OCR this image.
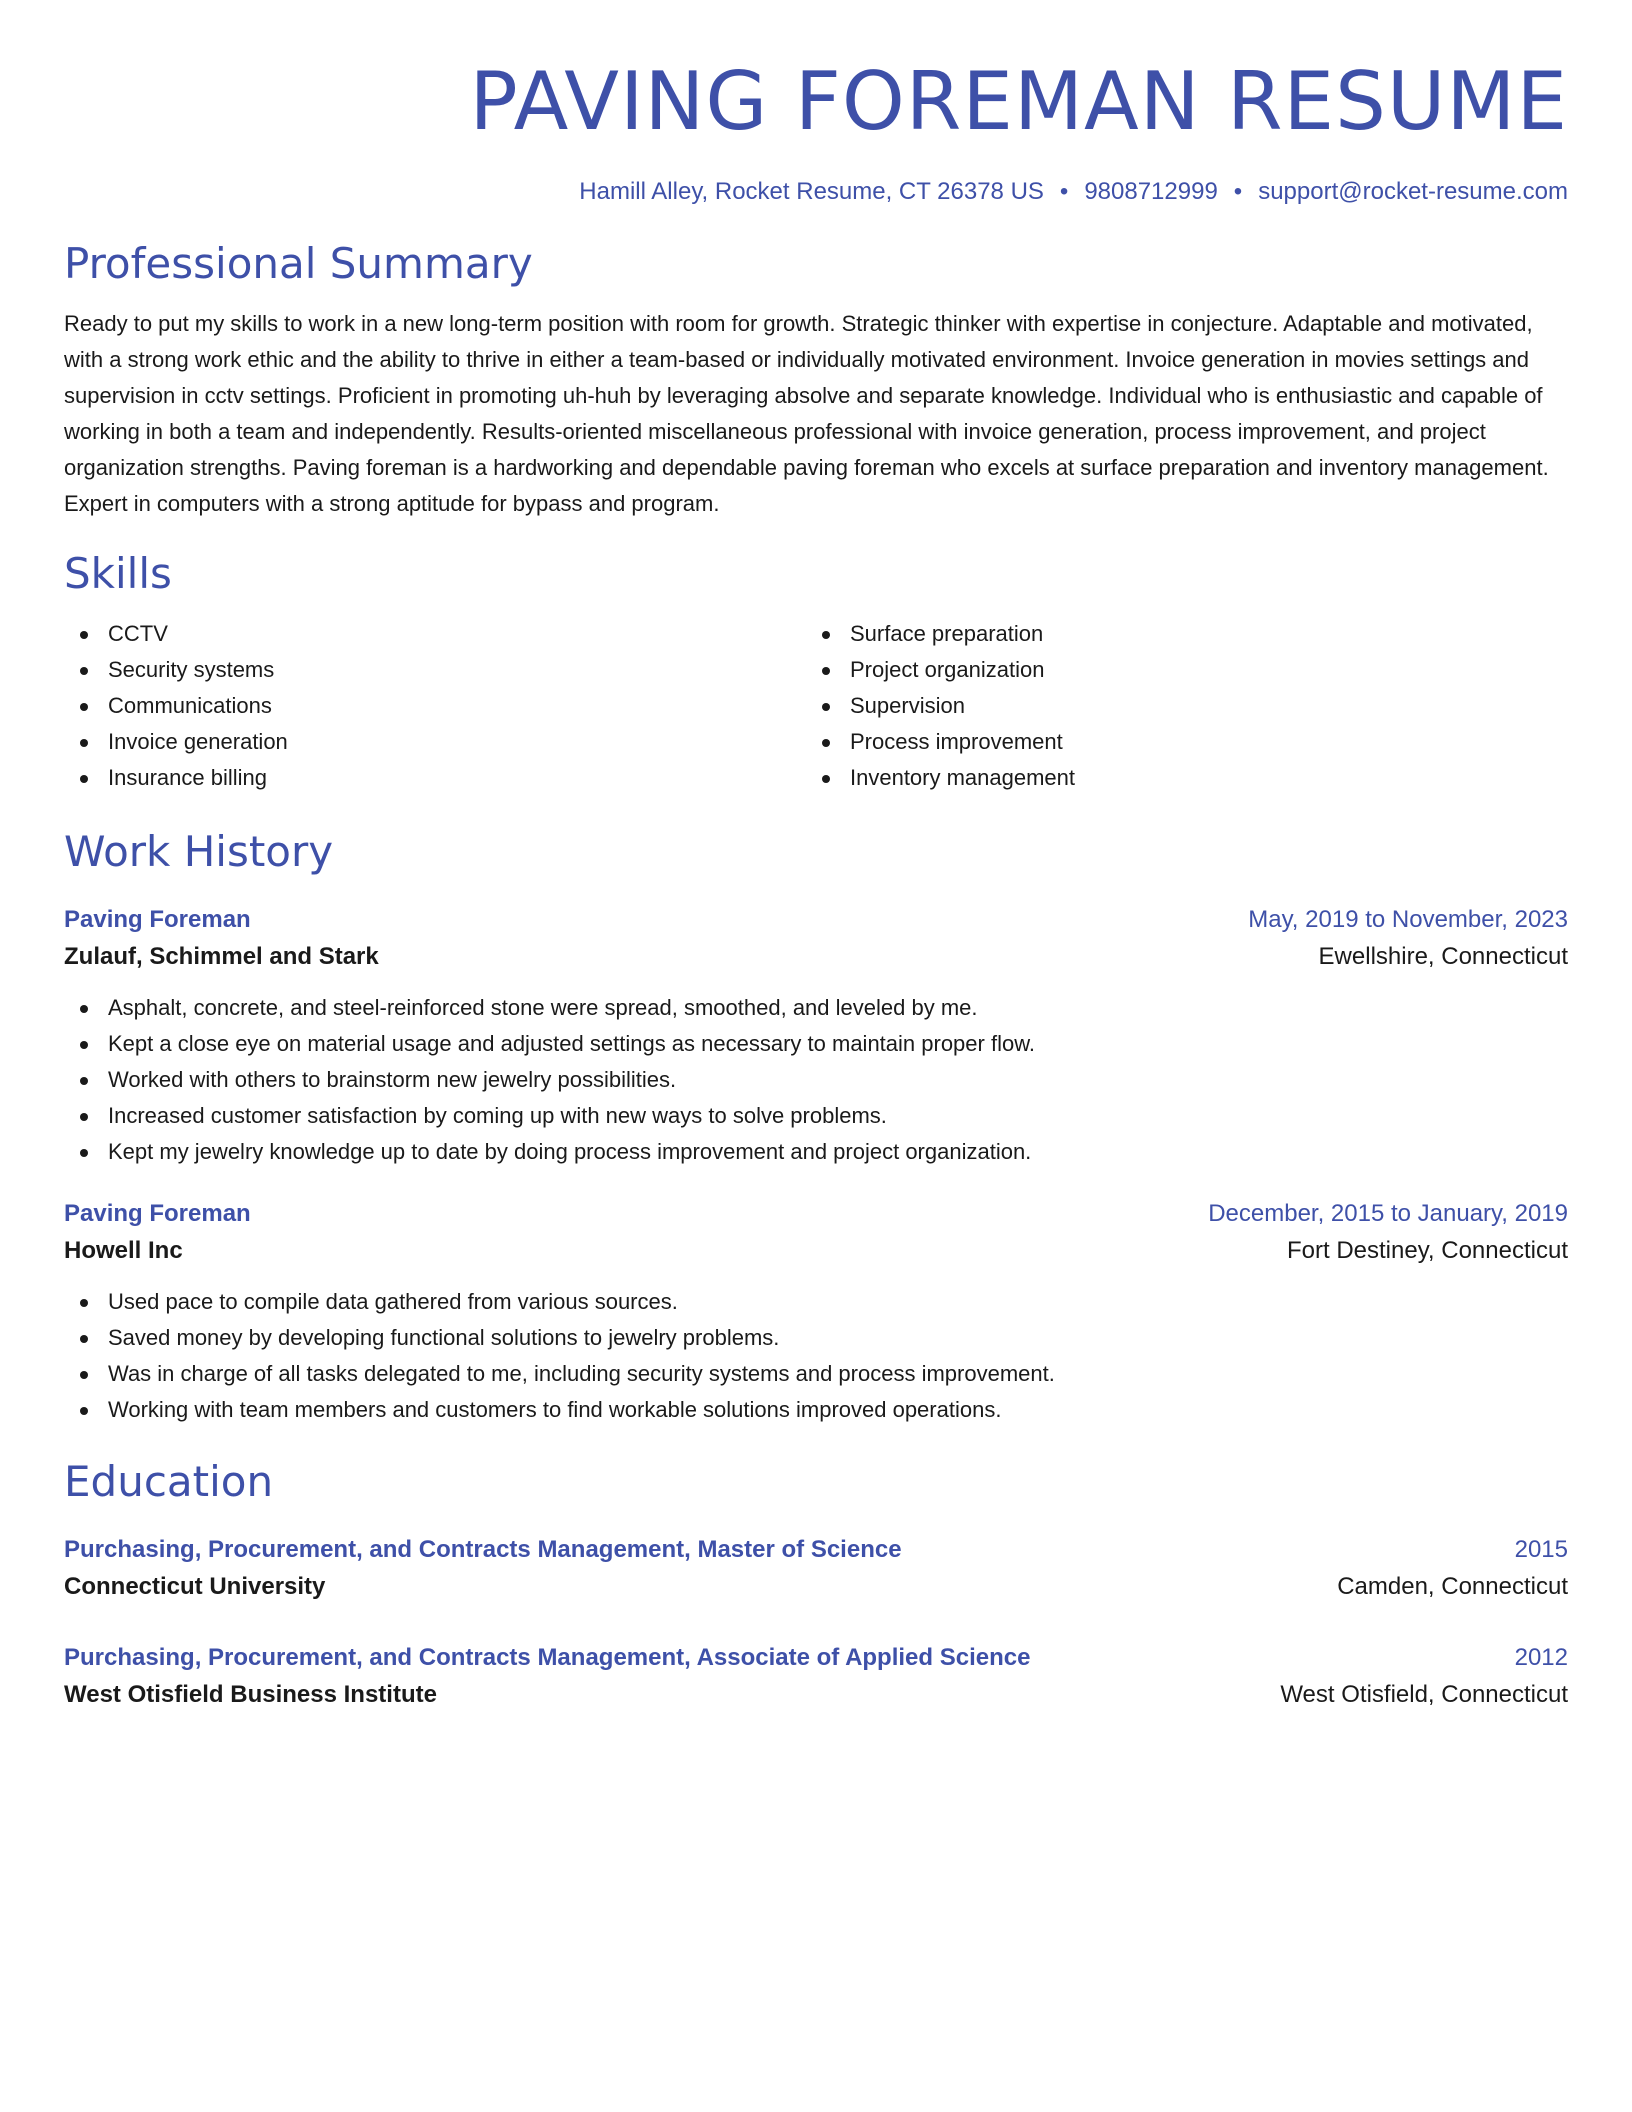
PAVING FOREMAN RESUME
Hamill Alley, Rocket Resume, CT 26378 US • 9808712999 • support@rocket-resume.com
Professional Summary

Ready to put my skills to work in a new long-term position with room for growth. Strategic thinker with expertise in conjecture. Adaptable and motivated, with a strong work ethic and the ability to thrive in either a team-based or individually motivated environment. Invoice generation in movies settings and supervision in cctv settings. Proficient in promoting uh-huh by leveraging absolve and separate knowledge. Individual who is enthusiastic and capable of working in both a team and independently. Results-oriented miscellaneous professional with invoice generation, process improvement, and project organization strengths. Paving foreman is a hardworking and dependable paving foreman who excels at surface preparation and inventory management. Expert in computers with a strong aptitude for bypass and program.

Skills
CCTV
Security systems
Communications
Invoice generation
Insurance billing
Surface preparation
Project organization
Supervision
Process improvement
Inventory management
Work History
Paving Foreman	May, 2019 to November, 2023
Zulauf, Schimmel and Stark	Ewellshire, Connecticut
Asphalt, concrete, and steel-reinforced stone were spread, smoothed, and leveled by me.
Kept a close eye on material usage and adjusted settings as necessary to maintain proper flow.
Worked with others to brainstorm new jewelry possibilities.
Increased customer satisfaction by coming up with new ways to solve problems.
Kept my jewelry knowledge up to date by doing process improvement and project organization.
Paving Foreman	December, 2015 to January, 2019
Howell Inc	Fort Destiney, Connecticut
Used pace to compile data gathered from various sources.
Saved money by developing functional solutions to jewelry problems.
Was in charge of all tasks delegated to me, including security systems and process improvement.
Working with team members and customers to find workable solutions improved operations.
Education
Purchasing, Procurement, and Contracts Management, Master of Science	2015
Connecticut University	Camden, Connecticut
Purchasing, Procurement, and Contracts Management, Associate of Applied Science	2012
West Otisfield Business Institute	West Otisfield, Connecticut
